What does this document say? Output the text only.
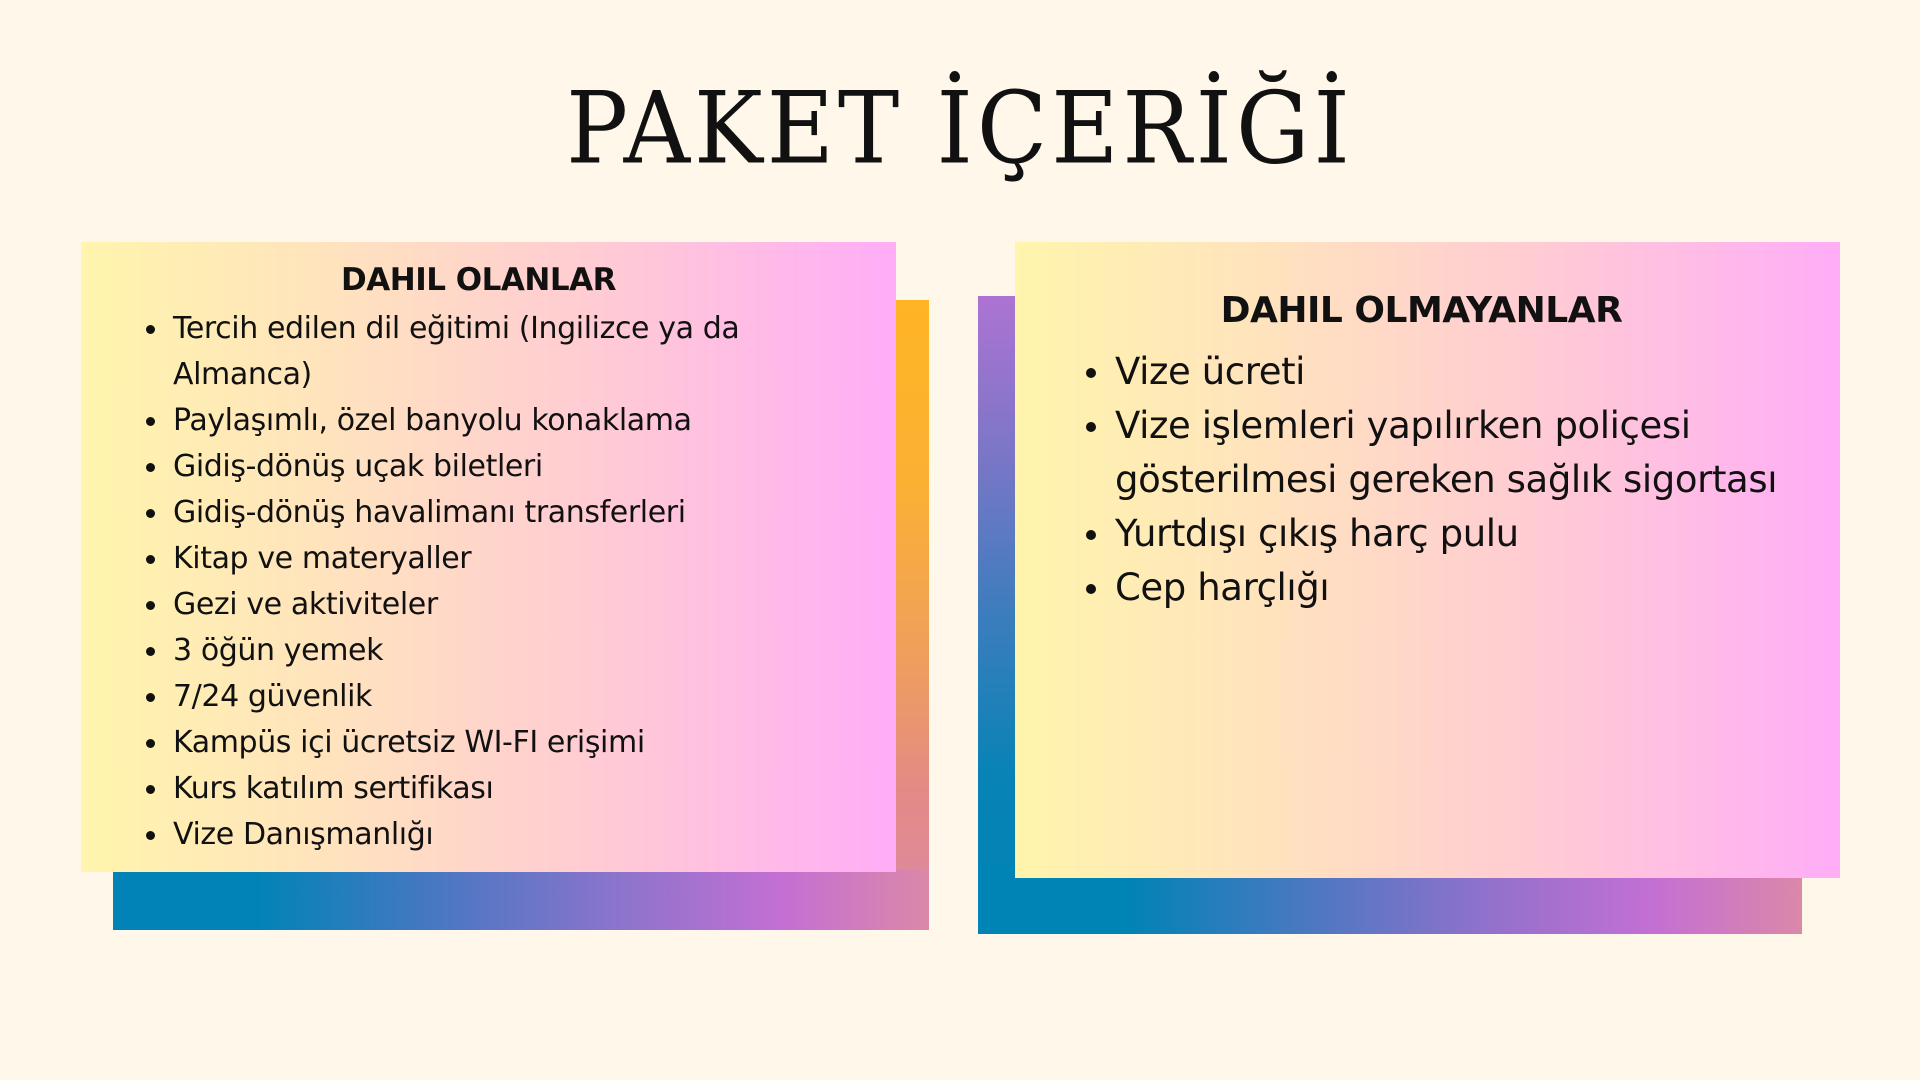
PAKET İÇERİĞİ
DAHIL OLANLAR
Tercih edilen dil eğitimi (Ingilizce ya da Almanca)
Paylaşımlı, özel banyolu konaklama
Gidiş-dönüş uçak biletleri
Gidiş-dönüş havalimanı transferleri
Kitap ve materyaller
Gezi ve aktiviteler
3 öğün yemek
7/24 güvenlik
Kampüs içi ücretsiz WI-FI erişimi
Kurs katılım sertifikası
Vize Danışmanlığı
DAHIL OLMAYANLAR
Vize ücreti
Vize işlemleri yapılırken poliçesi gösterilmesi gereken sağlık sigortası
Yurtdışı çıkış harç pulu
Cep harçlığı
